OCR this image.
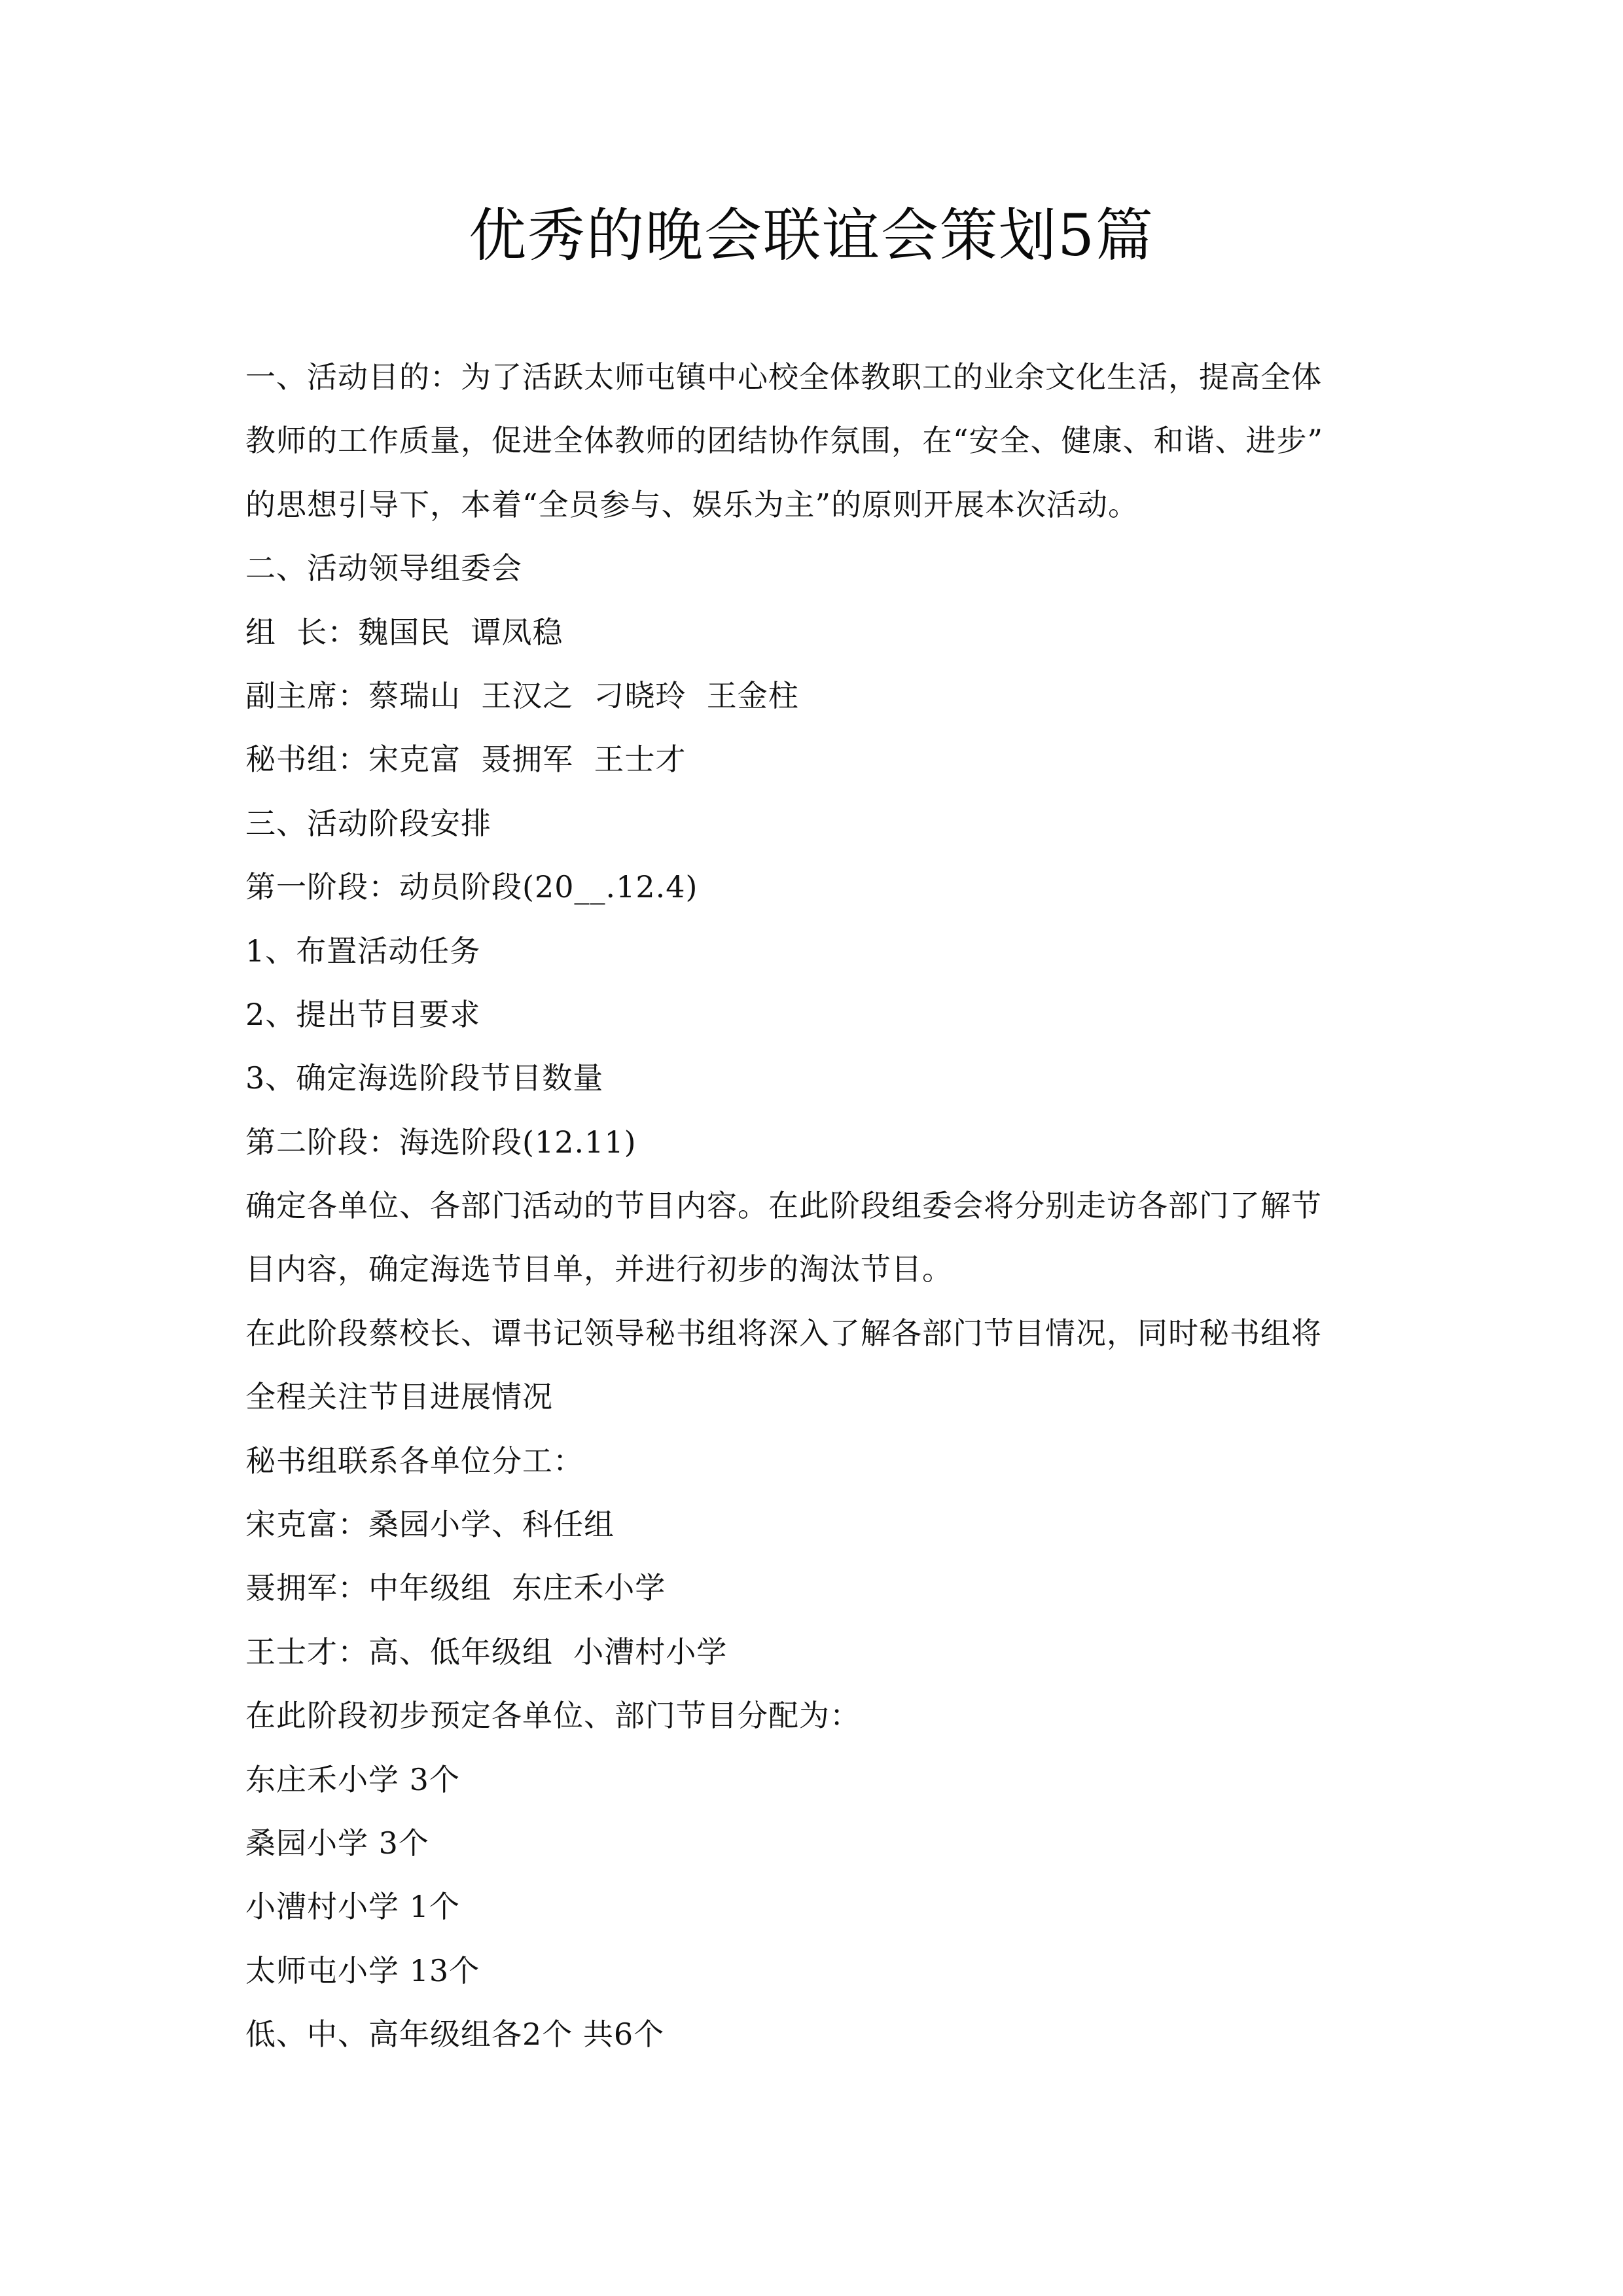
优秀的晚会联谊会策划5篇

一、活动目的：为了活跃太师屯镇中心校全体教职工的业余文化生活，提高全体

教师的工作质量，促进全体教师的团结协作氛围，在“安全、健康、和谐、进步”

的思想引导下，本着“全员参与、娱乐为主”的原则开展本次活动。

二、活动领导组委会

组  长：魏国民  谭凤稳

副主席：蔡瑞山  王汉之  刁晓玲  王金柱

秘书组：宋克富  聂拥军  王士才

三、活动阶段安排

第一阶段：动员阶段(20__.12.4)

1、布置活动任务

2、提出节目要求

3、确定海选阶段节目数量

第二阶段：海选阶段(12.11)

确定各单位、各部门活动的节目内容。在此阶段组委会将分别走访各部门了解节

目内容，确定海选节目单，并进行初步的淘汰节目。

在此阶段蔡校长、谭书记领导秘书组将深入了解各部门节目情况，同时秘书组将

全程关注节目进展情况

秘书组联系各单位分工：

宋克富：桑园小学、科任组

聂拥军：中年级组  东庄禾小学

王士才：高、低年级组  小漕村小学

在此阶段初步预定各单位、部门节目分配为：

东庄禾小学 3个

桑园小学 3个

小漕村小学 1个

太师屯小学 13个

低、中、高年级组各2个 共6个
